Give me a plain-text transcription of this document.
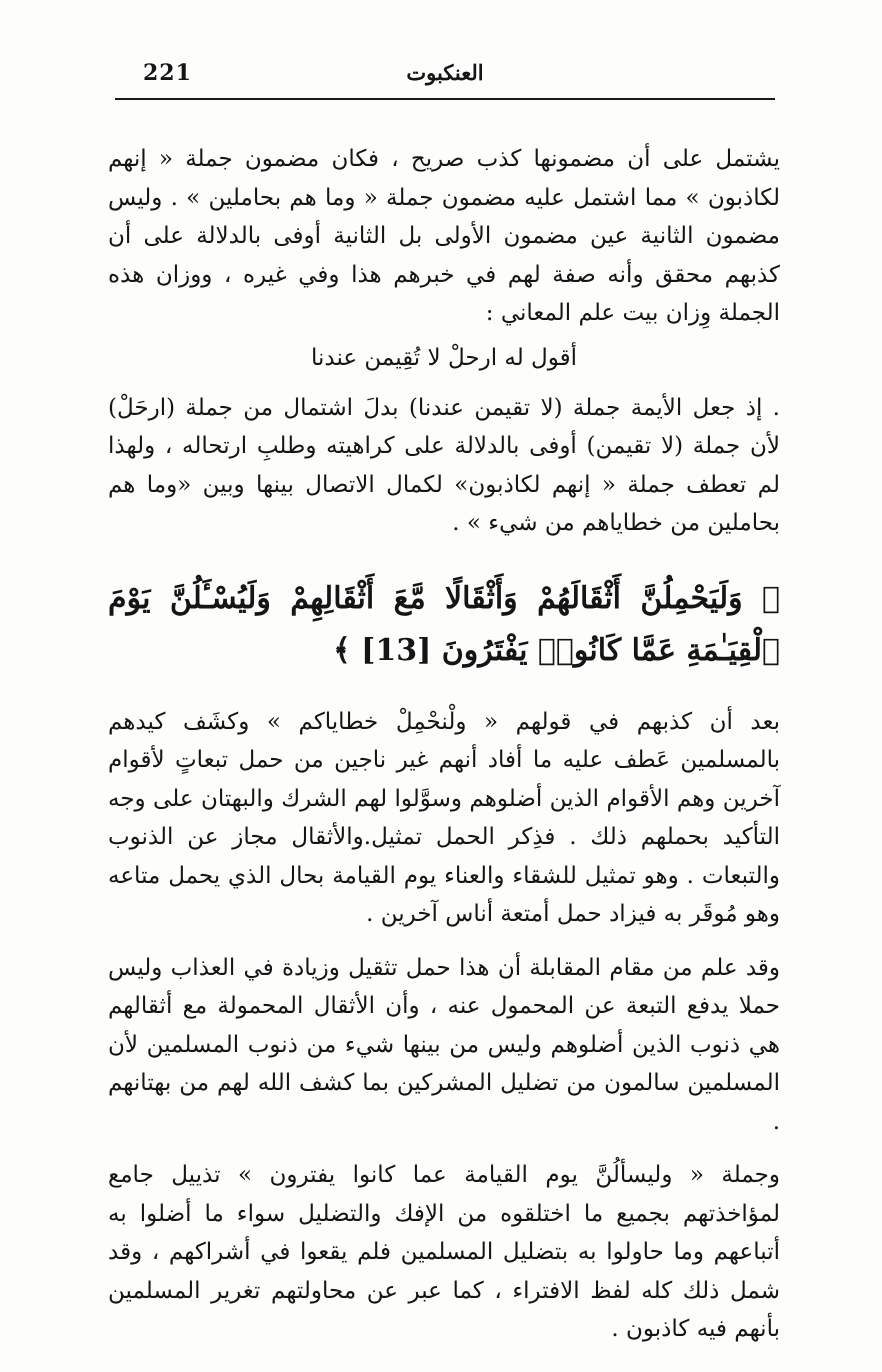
221	العنكبوت

يشتمل على أن مضمونها كذب صريح ، فكان مضمون جملة « إنهم لكاذبون » مما اشتمل عليه مضمون جملة « وما هم بحاملين » . وليس مضمون الثانية عين مضمون الأولى بل الثانية أوفى بالدلالة على أن كذبهم محقق وأنه صفة لهم في خبرهم هذا وفي غيره ، ووزان هذه الجملة وِزان بيت علم المعاني :

أقول له ارحلْ لا تُقِيمن عندنا

. إذ جعل الأيمة جملة (لا تقيمن عندنا) بدلَ اشتمال من جملة (ارحَلْ) لأن جملة (لا تقيمن) أوفى بالدلالة على كراهيته وطلبِ ارتحاله ، ولهذا لم تعطف جملة « إنهم لكاذبون» لكمال الاتصال بينها وبين «وما هم بحاملين من خطاياهم من شيء » .

﴿ وَلَيَحْمِلُنَّ أَثْقَالَهُمْ وَأَثْقَالًا مَّعَ أَثْقَالِهِمْ وَلَيُسْـَٔلُنَّ يَوْمَ ٱلْقِيَـٰمَةِ عَمَّا كَانُوا۟ يَفْتَرُونَ [13] ﴾

بعد أن كذبهم في قولهم « ولْنحْمِلْ خطاياكم » وكشَف كيدهم بالمسلمين عَطف عليه ما أفاد أنهم غير ناجين من حمل تبعاتٍ لأقوام آخرين وهم الأقوام الذين أضلوهم وسوَّلوا لهم الشرك والبهتان على وجه التأكيد بحملهم ذلك . فذِكر الحمل تمثيل.والأثقال مجاز عن الذنوب والتبعات . وهو تمثيل للشقاء والعناء يوم القيامة بحال الذي يحمل متاعه وهو مُوقَر به فيزاد حمل أمتعة أناس آخرين .

وقد علم من مقام المقابلة أن هذا حمل تثقيل وزيادة في العذاب وليس حملا يدفع التبعة عن المحمول عنه ، وأن الأثقال المحمولة مع أثقالهم هي ذنوب الذين أضلوهم وليس من بينها شيء من ذنوب المسلمين لأن المسلمين سالمون من تضليل المشركين بما كشف الله لهم من بهتانهم .

وجملة « وليسألُنَّ يوم القيامة عما كانوا يفترون » تذييل جامع لمؤاخذتهم بجميع ما اختلقوه من الإفك والتضليل سواء ما أضلوا به أتباعهم وما حاولوا به بتضليل المسلمين فلم يقعوا في أشراكهم ، وقد شمل ذلك كله لفظ الافتراء ، كما عبر عن محاولتهم تغرير المسلمين بأنهم فيه كاذبون .
